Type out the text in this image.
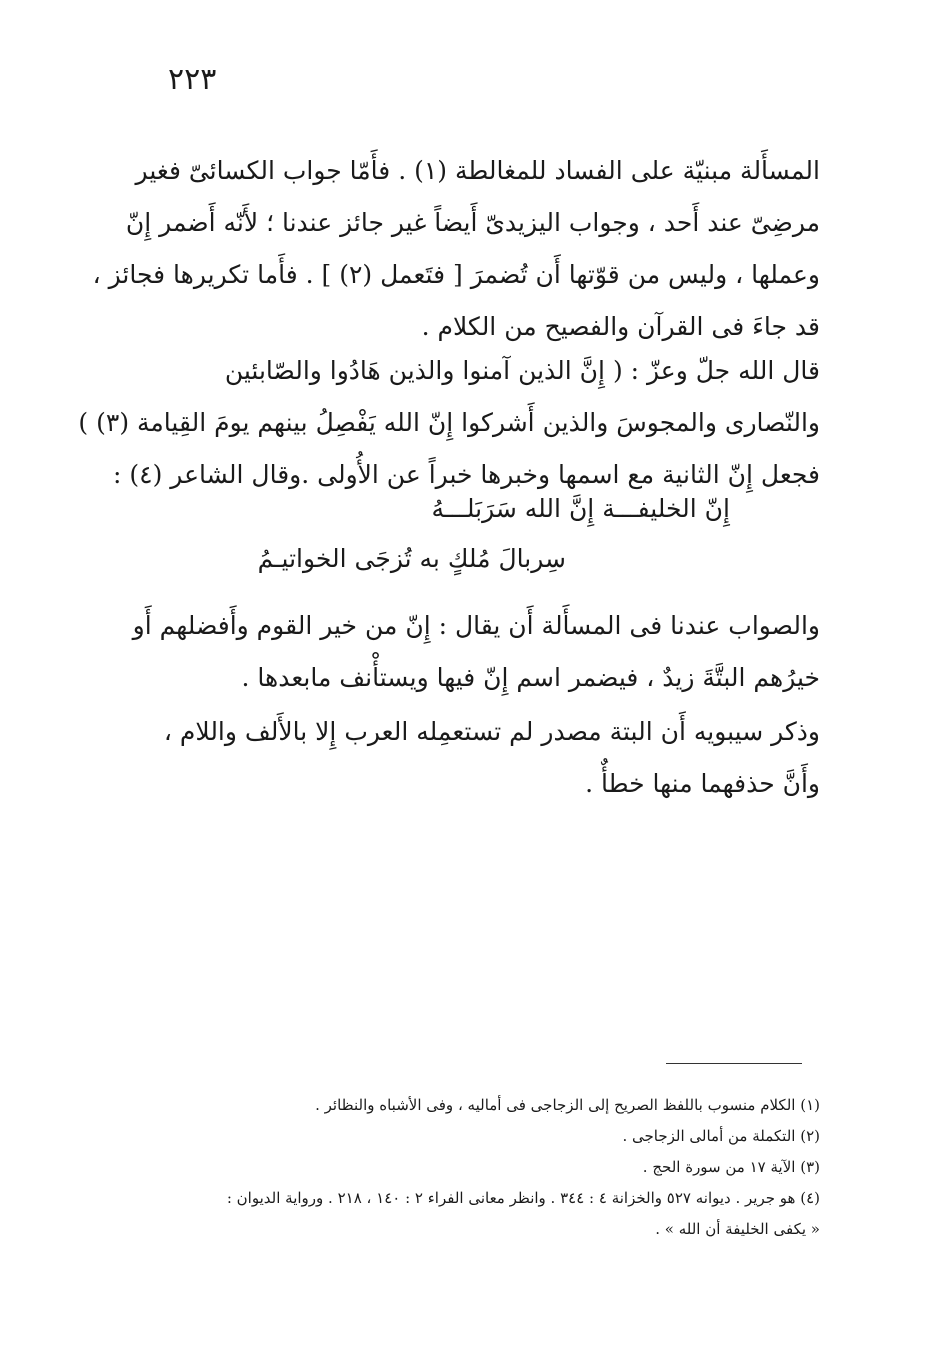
٢٢٣
المسأَلة مبنيّة على الفساد للمغالطة (١) . فأَمّا جواب الكسائىّ فغير
مرضِىّ عند أَحد ، وجواب اليزيدىّ أَيضاً غير جائز عندنا ؛ لأَنّه أَضمر إِنّ
وعملها ، وليس من قوّتها أَن تُضمرَ [ فتَعمل (٢) ] . فأَما تكريرها فجائز ،
قد جاءَ فى القرآن والفصيح من الكلام .
قال الله جلّ وعزّ : ( إِنَّ الذين آمنوا والذين هَادُوا والصّابئين
والنّصارى والمجوسَ والذين أَشركوا إِنّ الله يَفْصِلُ بينهم يومَ القِيامة (٣) )
فجعل إِنّ الثانية مع اسمها وخبرها خبراً عن الأُولى .وقال الشاعر (٤) :
إِنّ الخليفـــة إِنَّ الله سَرَبَلـــهُ
سِربالَ مُلكٍ به تُزجَى الخواتيـمُ
والصواب عندنا فى المسأَلة أَن يقال : إِنّ من خير القوم وأَفضلهم أَو
خيرُهم البتَّةَ زيدٌ ، فيضمر اسم إِنّ فيها ويستأْنف مابعدها .
وذكر سيبويه أَن البتة مصدر لم تستعمِله العرب إِلا بالأَلف واللام ،
وأَنَّ حذفهما منها خطأٌ .
(١) الكلام منسوب باللفظ الصريح إلى الزجاجى فى أماليه ، وفى الأشباه والنظائر .
(٢) التكملة من أمالى الزجاجى .
(٣) الآية ١٧ من سورة الحج .
(٤) هو جرير . ديوانه ٥٢٧ والخزانة ٤ : ٣٤٤ . وانظر معانى الفراء ٢ : ١٤٠ ، ٢١٨ . ورواية الديوان :
« يكفى الخليفة أن الله » .
